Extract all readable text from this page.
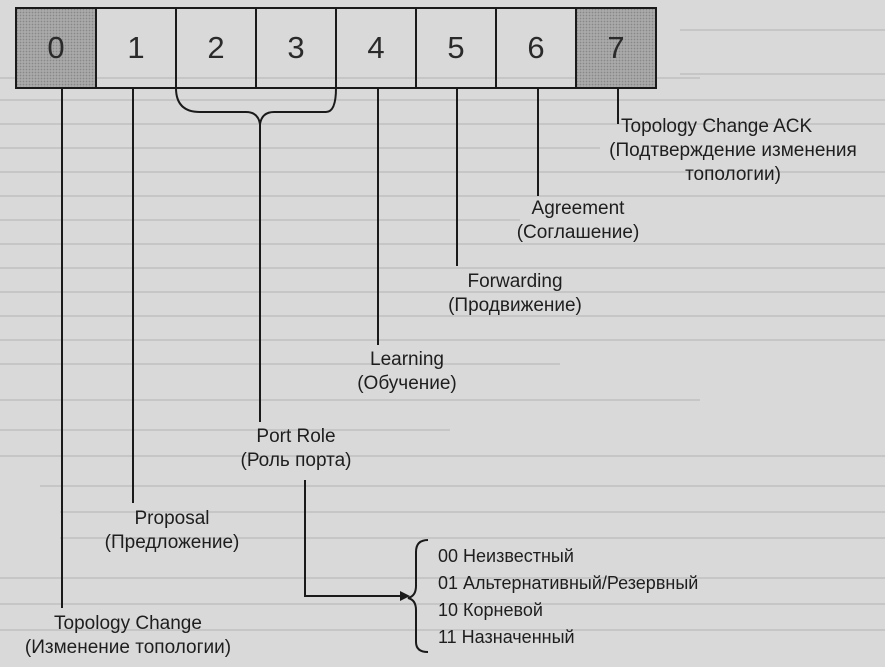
0	1	2	3	4	5	6	7
Topology Change ACK
(Подтверждение изменения
топологии)
Agreement
(Соглашение)
Forwarding
(Продвижение)
Learning
(Обучение)
Port Role
(Роль порта)
Proposal
(Предложение)
Topology Change
(Изменение топологии)
00 Неизвестный
01 Альтернативный/Резервный
10 Корневой
11 Назначенный
